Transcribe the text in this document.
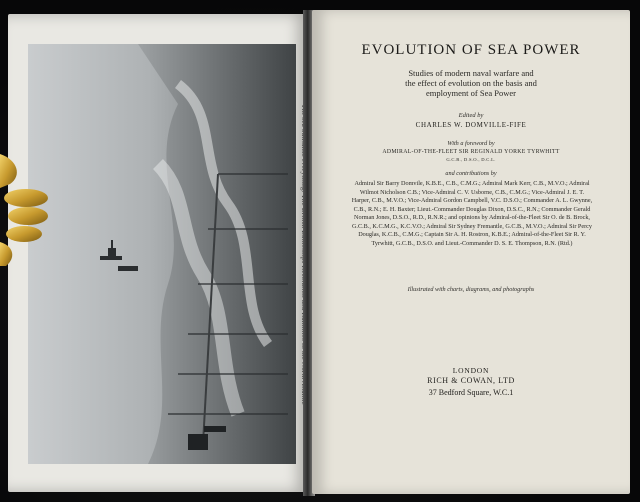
EVOLUTION OF SEA POWER
Studies of modern naval warfare and
the effect of evolution on the basis and
employment of Sea Power
Edited by
CHARLES W. DOMVILLE-FIFE
With a foreword by
ADMIRAL-OF-THE-FLEET SIR REGINALD YORKE TYRWHITT
G.C.B., D.S.O., D.C.L.
and contributions by
Admiral Sir Barry Domvile, K.B.E., C.B., C.M.G.; Admiral Mark Kerr, C.B., M.V.O.; Admiral Wilmot Nicholson C.B.; Vice-Admiral C. V. Usborne, C.B., C.M.G.; Vice-Admiral J. E. T. Harper, C.B., M.V.O.; Vice-Admiral Gordon Campbell, V.C. D.S.O.; Commander A. L. Gwynne, C.B., R.N.; E. H. Baxter; Lieut.-Commander Douglas Dixon, D.S.C., R.N.; Commander Gerald Norman Jones, D.S.O., R.D., R.N.R.; and opinions by Admiral-of-the-Fleet Sir O. de B. Brock, G.C.B., K.C.M.G., K.C.V.O.; Admiral Sir Sydney Fremantle, G.C.B., M.V.O.; Admiral Sir Percy Douglas, K.C.B., C.M.G.; Captain Sir A. H. Rostron, K.B.E.; Admiral-of-the-Fleet Sir R. Y. Tyrwhitt, G.C.B., D.S.O. and Lieut.-Commander D. S. E. Thompson, R.N. (Rtd.)
Illustrated with charts, diagrams, and photographs
LONDON
RICH & COWAN, LTD
37 Bedford Square, W.C.1
